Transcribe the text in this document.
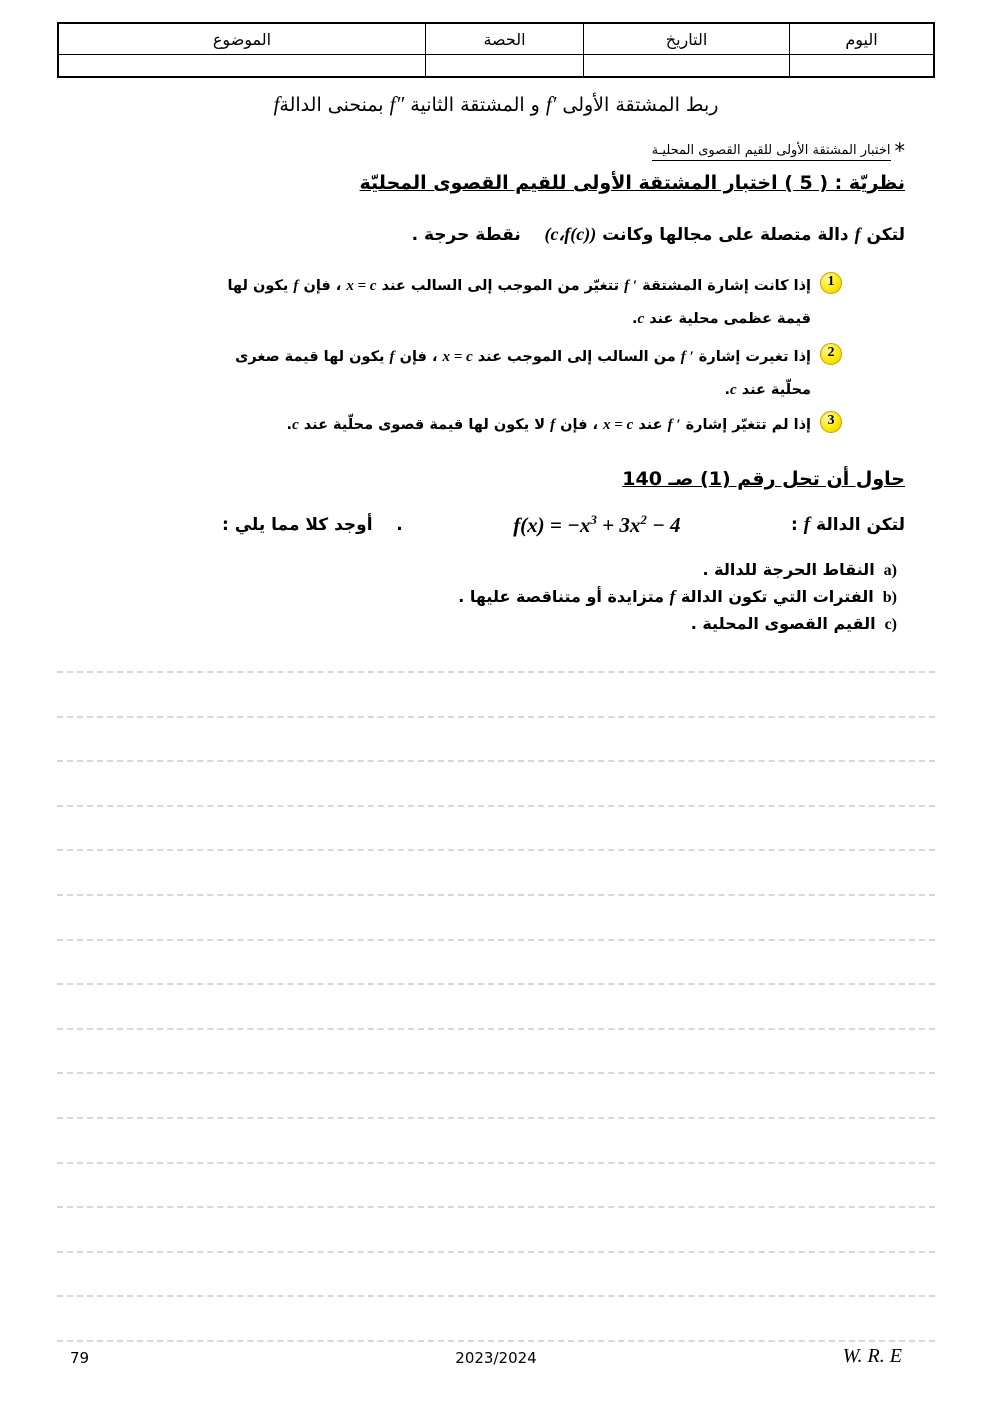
اليوم	التاريخ	الحصة	الموضوع

ربط المشتقة الأولى f′ و المشتقة الثانية f″ بمنحنى الدالةf
*اختبار المشتقة الأولى للقيم القصوى المحليـة
نظريّة : ( 5 ) اختبار المشتقة الأولى للقيم القصوى المحليّة
لتكن f دالة متصلة على مجالها وكانت (c،f(c))    نقطة حرجة .
1
إذا كانت إشارة المشتقة f ′ تتغيّر من الموجب إلى السالب عند x = c ، فإن f يكون لها قيمة عظمى محلية عند c.
2
إذا تغيرت إشارة f ′ من السالب إلى الموجب عند x = c ، فإن f يكون لها قيمة صغرى محلّية عند c.
3
إذا لم تتغيّر إشارة f ′ عند x = c ، فإن f لا يكون لها قيمة قصوى محلّية عند c.
حاول أن تحل رقم (1) صـ 140
لتكن الدالة f :
$f(x) = -x^3 + 3x^2 - 4$
.    أوجد كلا مما يلي :
a)النقاط الحرجة للدالة .
b)الفترات التي تكون الدالة f متزايدة أو متناقصة عليها .
c)القيم القصوى المحلية .
79	2023/2024	W. R. E
